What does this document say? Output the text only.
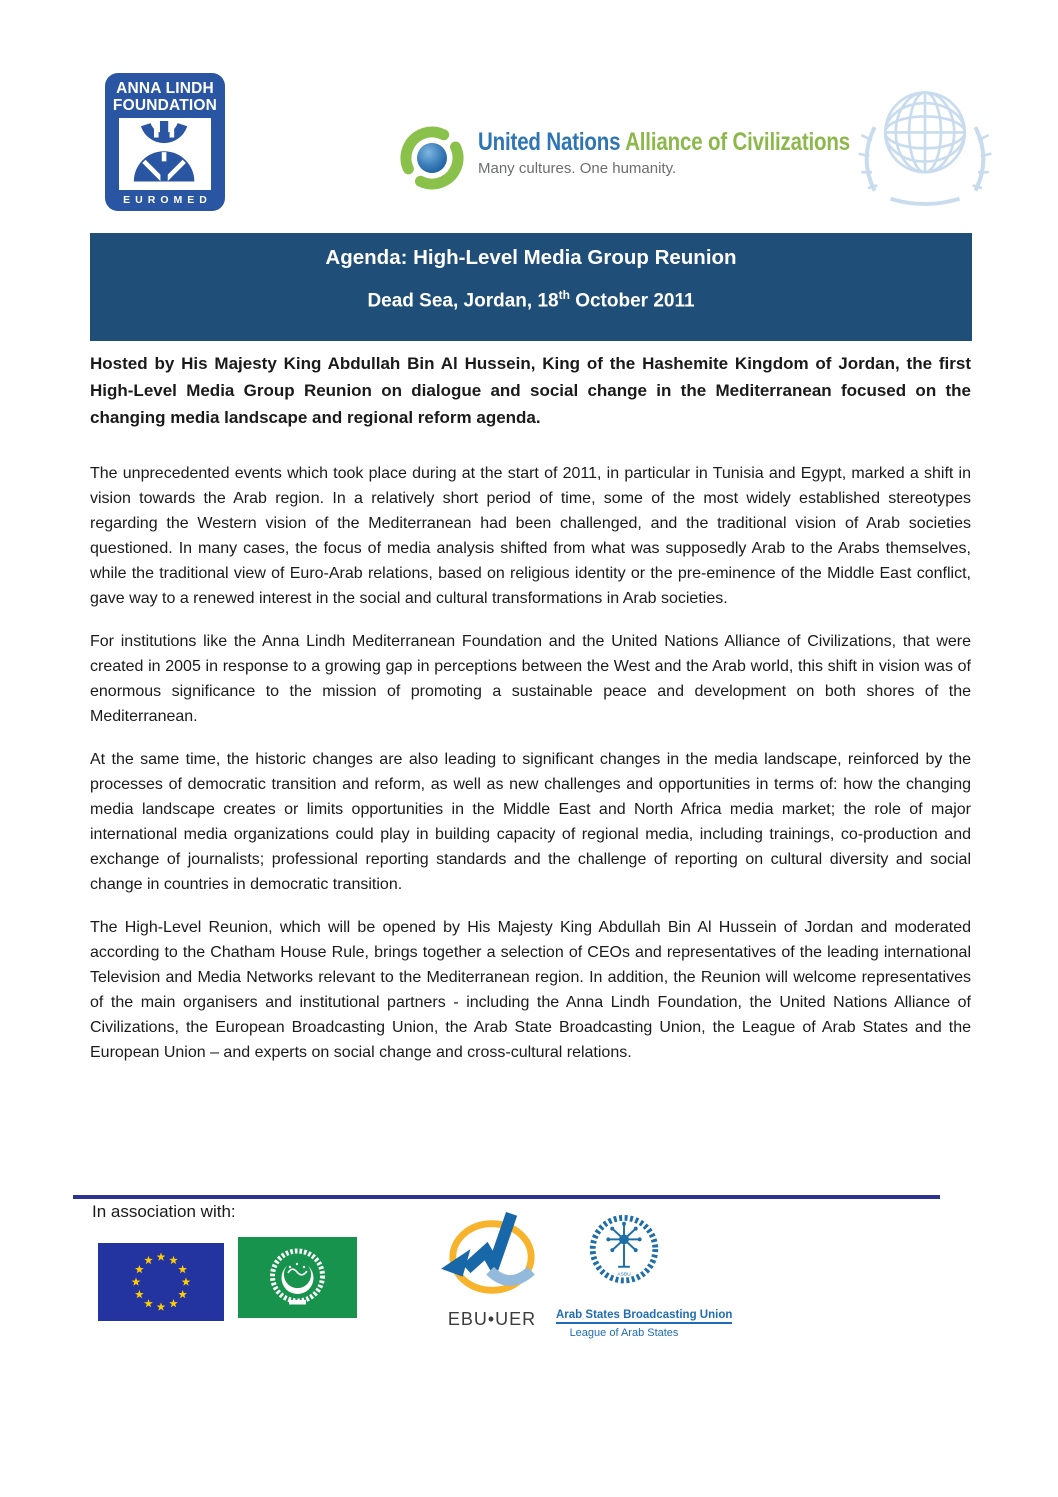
ANNA LINDH
FOUNDATION
EUROMED
United Nations Alliance of Civilizations
Many cultures. One humanity.
Agenda: High-Level Media Group Reunion
Dead Sea, Jordan, 18th October 2011
Hosted by His Majesty King Abdullah Bin Al Hussein, King of the Hashemite Kingdom of Jordan, the first High-Level Media Group Reunion on dialogue and social change in the Mediterranean focused on the changing media landscape and regional reform agenda.

The unprecedented events which took place during at the start of 2011, in particular in Tunisia and Egypt, marked a shift in vision towards the Arab region. In a relatively short period of time, some of the most widely established stereotypes regarding the Western vision of the Mediterranean had been challenged, and the traditional vision of Arab societies questioned. In many cases, the focus of media analysis shifted from what was supposedly Arab to the Arabs themselves, while the traditional view of Euro-Arab relations, based on religious identity or the pre-eminence of the Middle East conflict, gave way to a renewed interest in the social and cultural transformations in Arab societies.

For institutions like the Anna Lindh Mediterranean Foundation and the United Nations Alliance of Civilizations, that were created in 2005 in response to a growing gap in perceptions between the West and the Arab world, this shift in vision was of enormous significance to the mission of promoting a sustainable peace and development on both shores of the Mediterranean.

At the same time, the historic changes are also leading to significant changes in the media landscape, reinforced by the processes of democratic transition and reform, as well as new challenges and opportunities in terms of: how the changing media landscape creates or limits opportunities in the Middle East and North Africa media market; the role of major international media organizations could play in building capacity of regional media, including trainings, co-production and exchange of journalists; professional reporting standards and the challenge of reporting on cultural diversity and social change in countries in democratic transition.

The High-Level Reunion, which will be opened by His Majesty King Abdullah Bin Al Hussein of Jordan and moderated according to the Chatham House Rule, brings together a selection of CEOs and representatives of the leading international Television and Media Networks relevant to the Mediterranean region. In addition, the Reunion will welcome representatives of the main organisers and institutional partners - including the Anna Lindh Foundation, the United Nations Alliance of Civilizations, the European Broadcasting Union, the Arab State Broadcasting Union, the League of Arab States and the European Union – and experts on social change and cross-cultural relations.

In association with:
EBU•UER
ASBU
Arab States Broadcasting Union
League of Arab States
